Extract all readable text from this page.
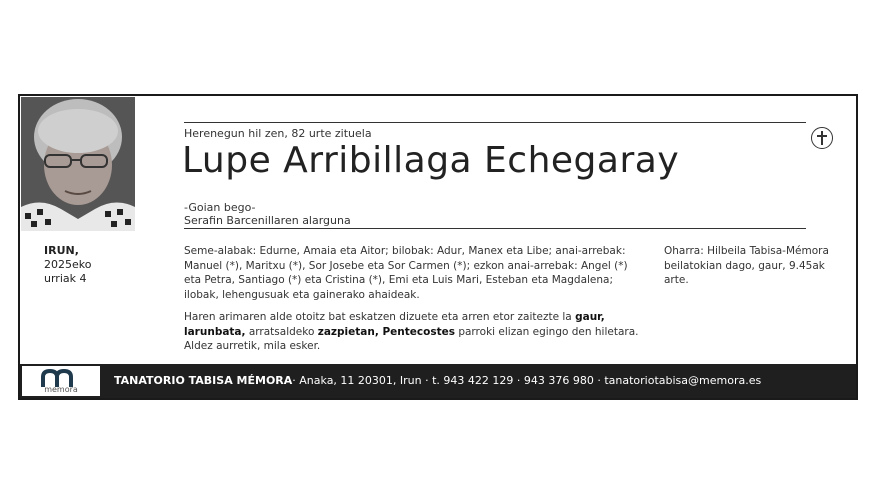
IRUN,
2025eko
urriak 4
Herenegun hil zen, 82 urte zituela
Lupe Arribillaga Echegaray
-Goian bego-
Serafin Barcenillaren alarguna
Seme-alabak: Edurne, Amaia eta Aitor; bilobak: Adur, Manex eta Libe; anai-arrebak: Manuel (*), Maritxu (*), Sor Josebe eta Sor Carmen (*); ezkon anai-arrebak: Angel (*) eta Petra, Santiago (*) eta Cristina (*), Emi eta Luis Mari, Esteban eta Magdalena; ilobak, lehengusuak eta gainerako ahaideak.
Haren arimaren alde otoitz bat eskatzen dizuete eta arren etor zaitezte la gaur, larunbata, arratsaldeko zazpietan, Pentecostes parroki elizan egingo den hiletara. Aldez aurretik, mila esker.
Oharra: Hilbeila Tabisa-Mémora beilatokian dago, gaur, 9.45ak arte.
memora
TANATORIO TABISA MÉMORA· Anaka, 11 20301, Irun · t. 943 422 129 · 943 376 980 · tanatoriotabisa@memora.es
